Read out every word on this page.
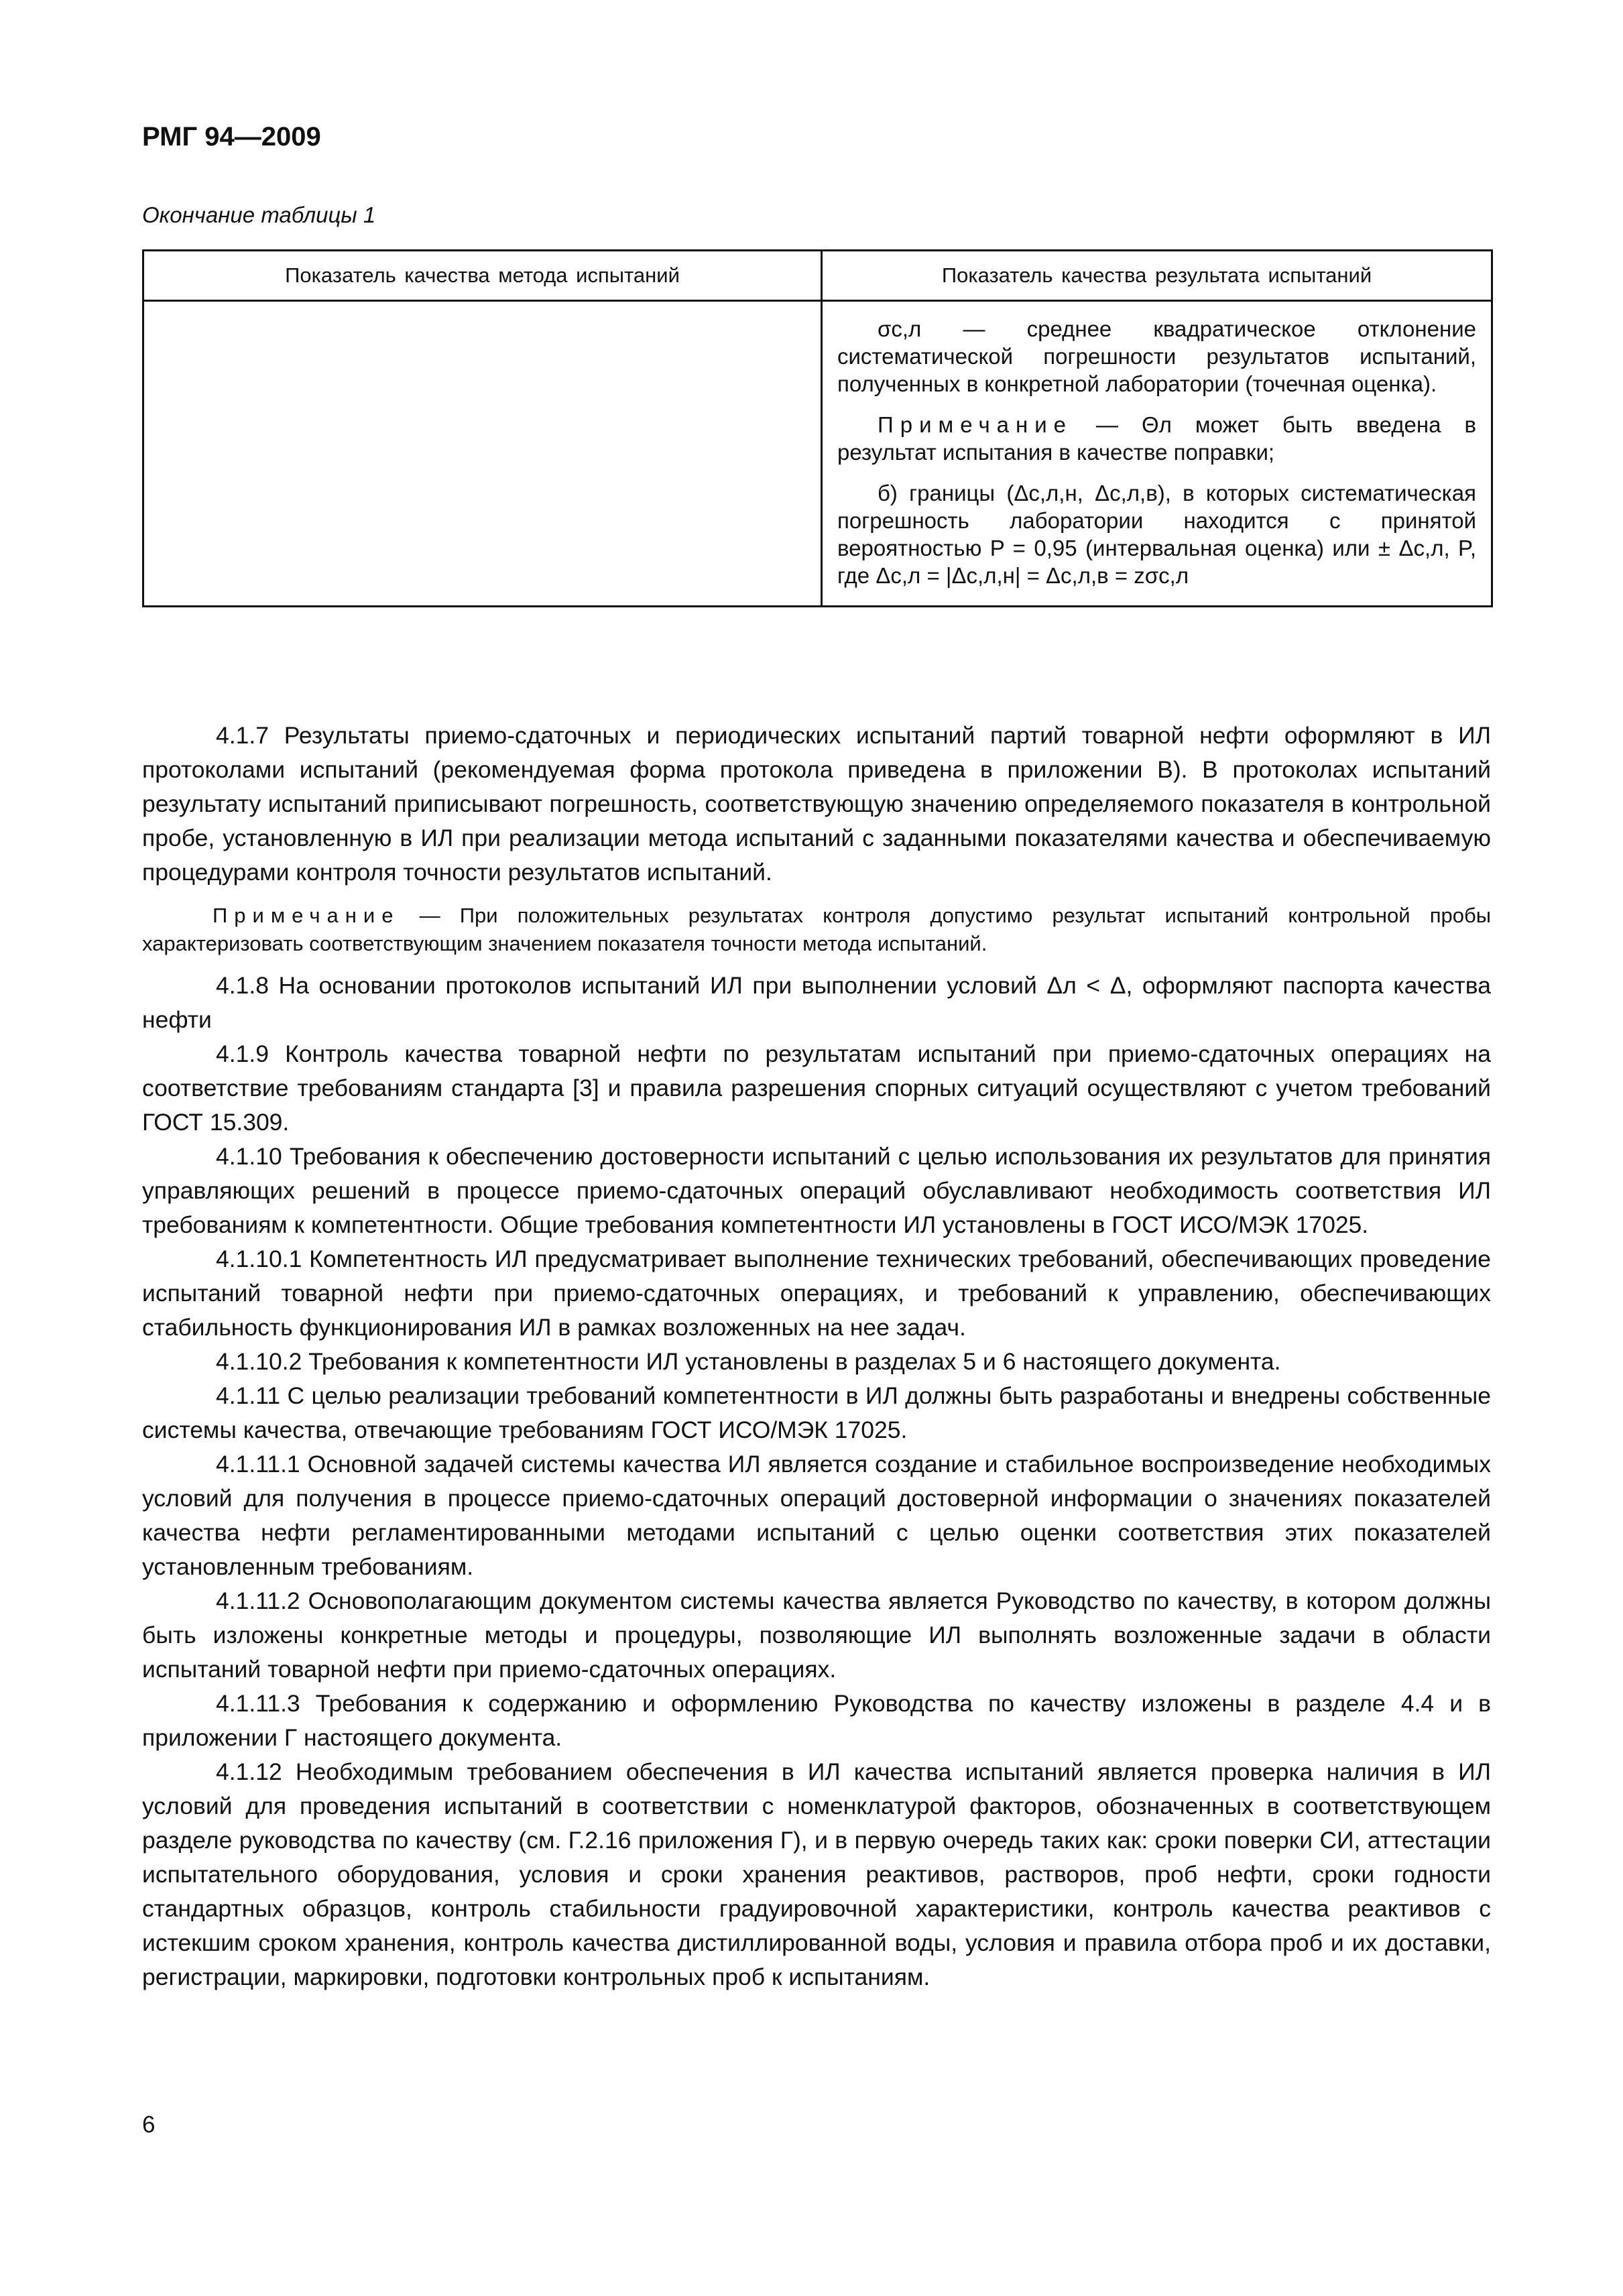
РМГ 94—2009
Окончание таблицы 1
Показатель качества метода испытаний	Показатель качества результата испытаний

	σс,л — среднее квадратическое отклонение систематической погрешности результатов испытаний, полученных в конкретной лаборатории (точечная оценка).

Примечание — Θл может быть введена в результат испытания в качестве поправки;

б) границы (Δс,л,н, Δс,л,в), в которых систематическая погрешность лаборатории находится с принятой вероятностью P = 0,95 (интервальная оценка) или ± Δс,л, P, где Δс,л = |Δс,л,н| = Δс,л,в = zσс,л

4.1.7 Результаты приемо-сдаточных и периодических испытаний партий товарной нефти оформляют в ИЛ протоколами испытаний (рекомендуемая форма протокола приведена в приложении В). В протоколах испытаний результату испытаний приписывают погрешность, соответствующую значению определяемого показателя в контрольной пробе, установленную в ИЛ при реализации метода испытаний с заданными показателями качества и обеспечиваемую процедурами контроля точности результатов испытаний.

Примечание — При положительных результатах контроля допустимо результат испытаний контрольной пробы характеризовать соответствующим значением показателя точности метода испытаний.

4.1.8 На основании протоколов испытаний ИЛ при выполнении условий Δл < Δ, оформляют паспорта качества нефти

4.1.9 Контроль качества товарной нефти по результатам испытаний при приемо-сдаточных операциях на соответствие требованиям стандарта [3] и правила разрешения спорных ситуаций осуществляют с учетом требований ГОСТ 15.309.

4.1.10 Требования к обеспечению достоверности испытаний с целью использования их результатов для принятия управляющих решений в процессе приемо-сдаточных операций обуславливают необходимость соответствия ИЛ требованиям к компетентности. Общие требования компетентности ИЛ установлены в ГОСТ ИСО/МЭК 17025.

4.1.10.1 Компетентность ИЛ предусматривает выполнение технических требований, обеспечивающих проведение испытаний товарной нефти при приемо-сдаточных операциях, и требований к управлению, обеспечивающих стабильность функционирования ИЛ в рамках возложенных на нее задач.

4.1.10.2 Требования к компетентности ИЛ установлены в разделах 5 и 6 настоящего документа.

4.1.11 С целью реализации требований компетентности в ИЛ должны быть разработаны и внедрены собственные системы качества, отвечающие требованиям ГОСТ ИСО/МЭК 17025.

4.1.11.1 Основной задачей системы качества ИЛ является создание и стабильное воспроизведение необходимых условий для получения в процессе приемо-сдаточных операций достоверной информации о значениях показателей качества нефти регламентированными методами испытаний с целью оценки соответствия этих показателей установленным требованиям.

4.1.11.2 Основополагающим документом системы качества является Руководство по качеству, в котором должны быть изложены конкретные методы и процедуры, позволяющие ИЛ выполнять возложенные задачи в области испытаний товарной нефти при приемо-сдаточных операциях.

4.1.11.3 Требования к содержанию и оформлению Руководства по качеству изложены в разделе 4.4 и в приложении Г настоящего документа.

4.1.12 Необходимым требованием обеспечения в ИЛ качества испытаний является проверка наличия в ИЛ условий для проведения испытаний в соответствии с номенклатурой факторов, обозначенных в соответствующем разделе руководства по качеству (см. Г.2.16 приложения Г), и в первую очередь таких как: сроки поверки СИ, аттестации испытательного оборудования, условия и сроки хранения реактивов, растворов, проб нефти, сроки годности стандартных образцов, контроль стабильности градуировочной характеристики, контроль качества реактивов с истекшим сроком хранения, контроль качества дистиллированной воды, условия и правила отбора проб и их доставки, регистрации, маркировки, подготовки контрольных проб к испытаниям.

6
